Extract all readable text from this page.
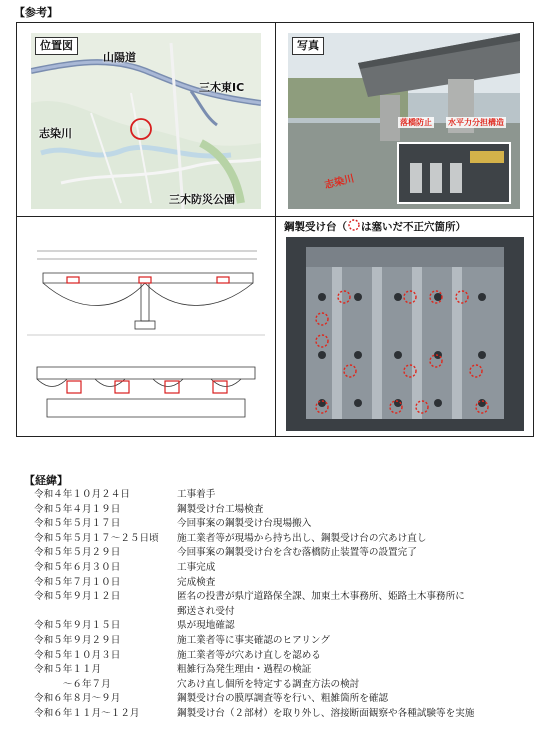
【参考】
山陽道
三木東IC
志染川
三木防災公園
位置図	写真
志染川
落橋防止 水平力分担構造
鋼製受け台（ は塞いだ不正穴箇所）
【経緯】
令和４年１０月２４日	工事着手
令和５年４月１９日	鋼製受け台工場検査
令和５年５月１７日	今回事案の鋼製受け台現場搬入
令和５年５月１７～２５日頃 施工業者等が現場から持ち出し、鋼製受け台の穴あけ直し
令和５年５月２９日	今回事案の鋼製受け台を含む落橋防止装置等の設置完了
令和５年６月３０日	工事完成
令和５年７月１０日	完成検査
令和５年９月１２日	匿名の投書が県庁道路保全課、加東土木事務所、姫路土木事務所に
郵送され受付
令和５年９月１５日	県が現地確認
令和５年９月２９日	施工業者等に事実確認のヒアリング
令和５年１０月３日	施工業者等が穴あけ直しを認める
令和５年１１月	粗雑行為発生理由・過程の検証
　　　～６年７月	穴あけ直し個所を特定する調査方法の検討
令和６年８月～９月	鋼製受け台の膜厚調査等を行い、粗雑箇所を確認
令和６年１１月～１２月	鋼製受け台（２部材）を取り外し、溶接断面観察や各種試験等を実施
